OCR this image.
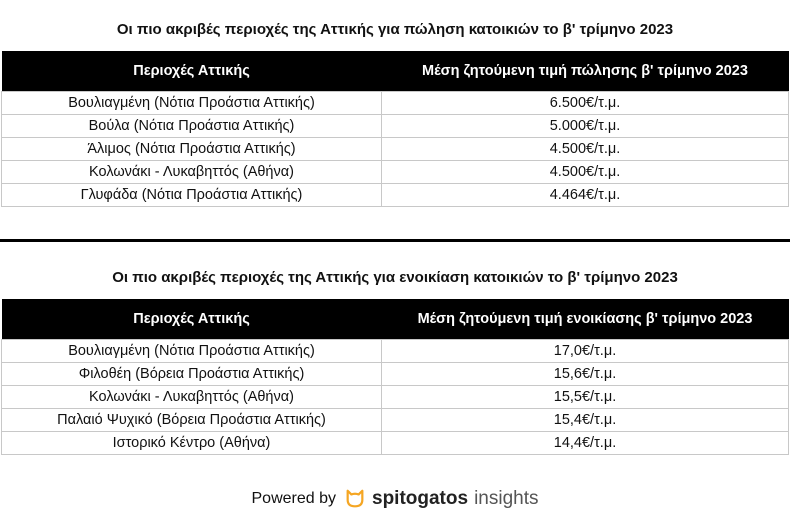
Οι πιο ακριβές περιοχές της Αττικής για πώληση κατοικιών το β' τρίμηνο 2023
Περιοχές Αττικής	Μέση ζητούμενη τιμή πώλησης β' τρίμηνο 2023
Βουλιαγμένη (Νότια Προάστια Αττικής)	6.500€/τ.μ.
Βούλα (Νότια Προάστια Αττικής)	5.000€/τ.μ.
Άλιμος (Νότια Προάστια Αττικής)	4.500€/τ.μ.
Κολωνάκι - Λυκαβηττός (Αθήνα)	4.500€/τ.μ.
Γλυφάδα (Νότια Προάστια Αττικής)	4.464€/τ.μ.
Οι πιο ακριβές περιοχές της Αττικής για ενοικίαση κατοικιών το β' τρίμηνο 2023
Περιοχές Αττικής	Μέση ζητούμενη τιμή ενοικίασης β' τρίμηνο 2023
Βουλιαγμένη (Νότια Προάστια Αττικής)	17,0€/τ.μ.
Φιλοθέη (Βόρεια Προάστια Αττικής)	15,6€/τ.μ.
Κολωνάκι - Λυκαβηττός (Αθήνα)	15,5€/τ.μ.
Παλαιό Ψυχικό (Βόρεια Προάστια Αττικής)	15,4€/τ.μ.
Ιστορικό Κέντρο (Αθήνα)	14,4€/τ.μ.
Powered by spitogatos insights
